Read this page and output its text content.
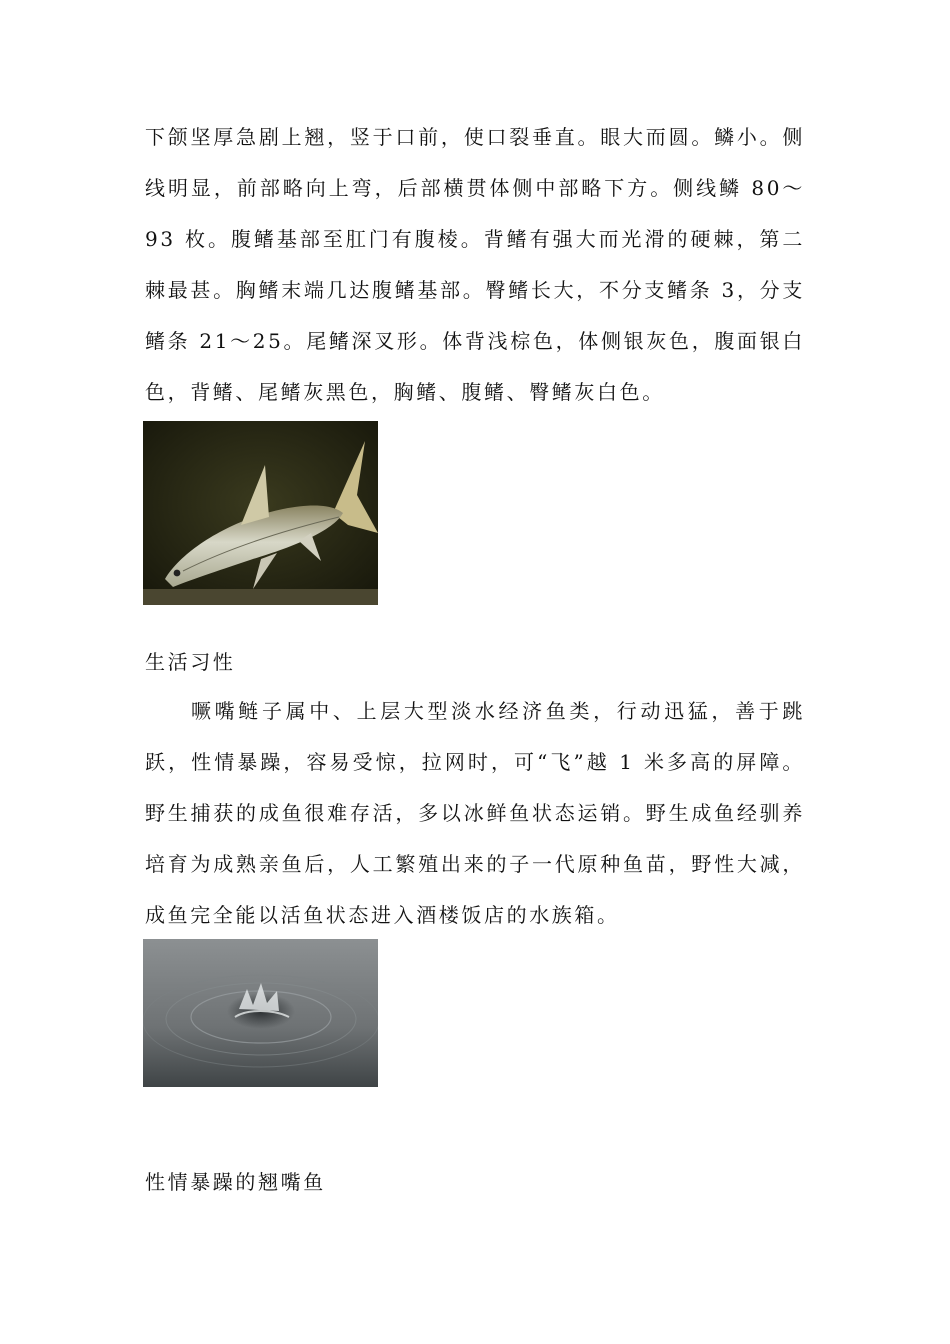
下颌坚厚急剧上翘，竖于口前，使口裂垂直。眼大而圆。鳞小。侧线明显，前部略向上弯，后部横贯体侧中部略下方。侧线鳞 80～93 枚。腹鳍基部至肛门有腹棱。背鳍有强大而光滑的硬棘，第二棘最甚。胸鳍末端几达腹鳍基部。臀鳍长大，不分支鳍条 3，分支鳍条 21～25。尾鳍深叉形。体背浅棕色，体侧银灰色，腹面银白色，背鳍、尾鳍灰黑色，胸鳍、腹鳍、臀鳍灰白色。

生活习性

噘嘴鲢子属中、上层大型淡水经济鱼类，行动迅猛，善于跳跃，性情暴躁，容易受惊，拉网时，可“飞”越 1 米多高的屏障。野生捕获的成鱼很难存活，多以冰鲜鱼状态运销。野生成鱼经驯养培育为成熟亲鱼后，人工繁殖出来的子一代原种鱼苗，野性大减，成鱼完全能以活鱼状态进入酒楼饭店的水族箱。

性情暴躁的翘嘴鱼
